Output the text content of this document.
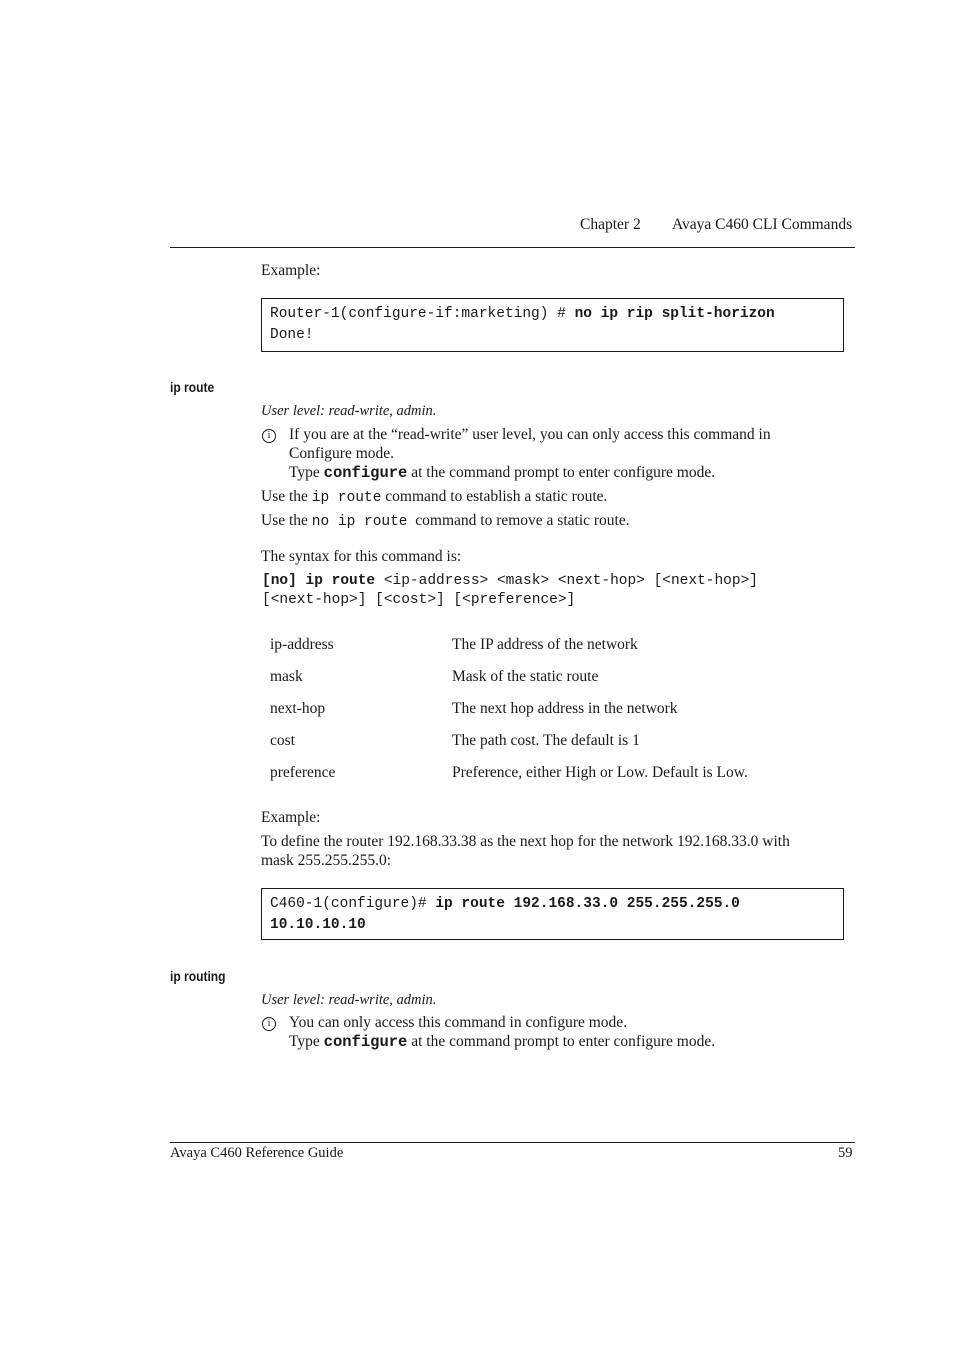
Chapter 2 Avaya C460 CLI Commands
Example:
Router-1(configure-if:marketing) # no ip rip split-horizon
Done!
ip route
User level: read-write, admin.
i	If you are at the “read-write” user level, you can only access this command in
Configure mode.
Type configure at the command prompt to enter configure mode.
Use the ip route command to establish a static route.
Use the no ip route  command to remove a static route.
The syntax for this command is:
[no] ip route <ip-address> <mask> <next-hop> [<next-hop>]
[<next-hop>] [<cost>] [<preference>]
ip-address	The IP address of the network
mask	Mask of the static route
next-hop	The next hop address in the network
cost	The path cost. The default is 1
preference	Preference, either High or Low. Default is Low.
Example:
To define the router 192.168.33.38 as the next hop for the network 192.168.33.0 with
mask 255.255.255.0:
C460-1(configure)# ip route 192.168.33.0 255.255.255.0
10.10.10.10
ip routing
User level: read-write, admin.
i	You can only access this command in configure mode.
Type configure at the command prompt to enter configure mode.
Avaya C460 Reference Guide	59
